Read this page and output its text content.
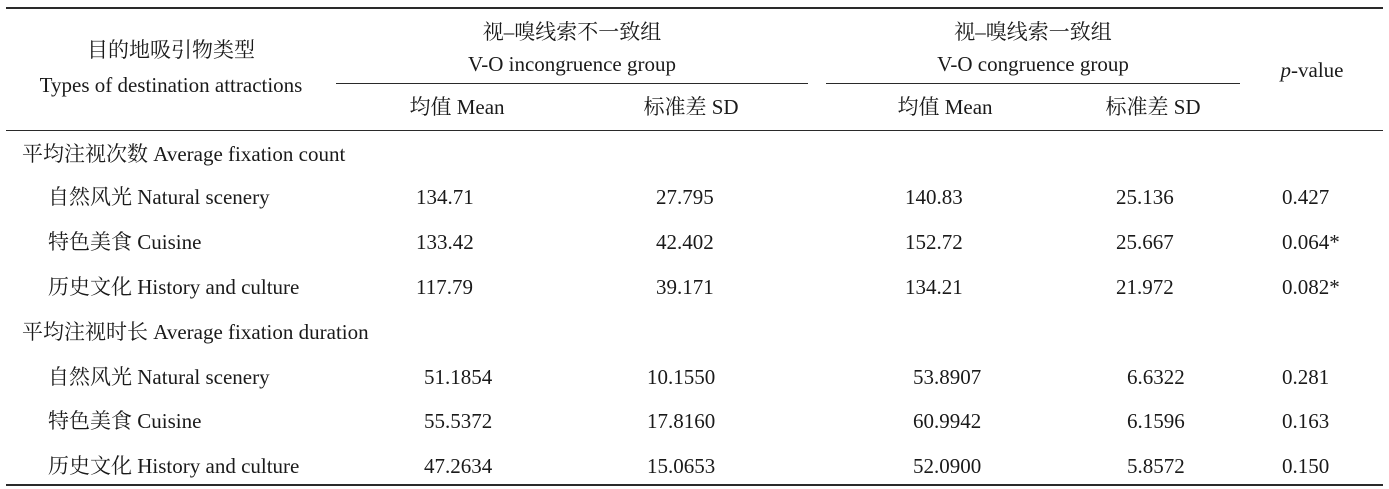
目的地吸引物类型
Types of destination attractions
视–嗅线索不一致组
V-O incongruence group
视–嗅线索一致组
V-O congruence group	p-value
均值 Mean	标准差 SD	均值 Mean	标准差 SD
平均注视次数 Average fixation count
自然风光 Natural scenery	134.71	27.795	140.83	25.136	0.427
特色美食 Cuisine	133.42	42.402	152.72	25.667	0.064*
历史文化 History and culture	117.79	39.171	134.21	21.972	0.082*
平均注视时长 Average fixation duration
自然风光 Natural scenery	51.1854	10.1550	53.8907	6.6322	0.281
特色美食 Cuisine	55.5372	17.8160	60.9942	6.1596	0.163
历史文化 History and culture	47.2634	15.0653	52.0900	5.8572	0.150
